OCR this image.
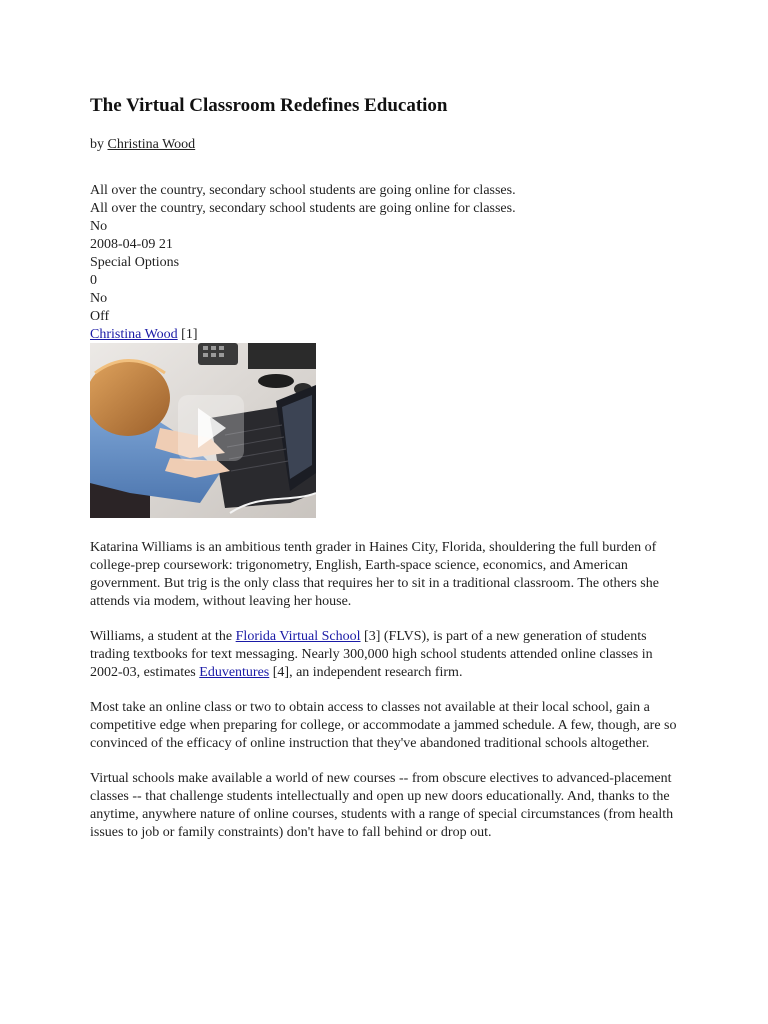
The Virtual Classroom Redefines Education
by Christina Wood
All over the country, secondary school students are going online for classes.
All over the country, secondary school students are going online for classes.
No
2008-04-09 21
Special Options
0
No
Off
Christina Wood [1]

Katarina Williams is an ambitious tenth grader in Haines City, Florida, shouldering the full burden of college-prep coursework: trigonometry, English, Earth-space science, economics, and American government. But trig is the only class that requires her to sit in a traditional classroom. The others she attends via modem, without leaving her house.

Williams, a student at the Florida Virtual School [3] (FLVS), is part of a new generation of students trading textbooks for text messaging. Nearly 300,000 high school students attended online classes in 2002-03, estimates Eduventures [4], an independent research firm.

Most take an online class or two to obtain access to classes not available at their local school, gain a competitive edge when preparing for college, or accommodate a jammed schedule. A few, though, are so convinced of the efficacy of online instruction that they've abandoned traditional schools altogether.

Virtual schools make available a world of new courses -- from obscure electives to advanced-placement classes -- that challenge students intellectually and open up new doors educationally. And, thanks to the anytime, anywhere nature of online courses, students with a range of special circumstances (from health issues to job or family constraints) don't have to fall behind or drop out.
